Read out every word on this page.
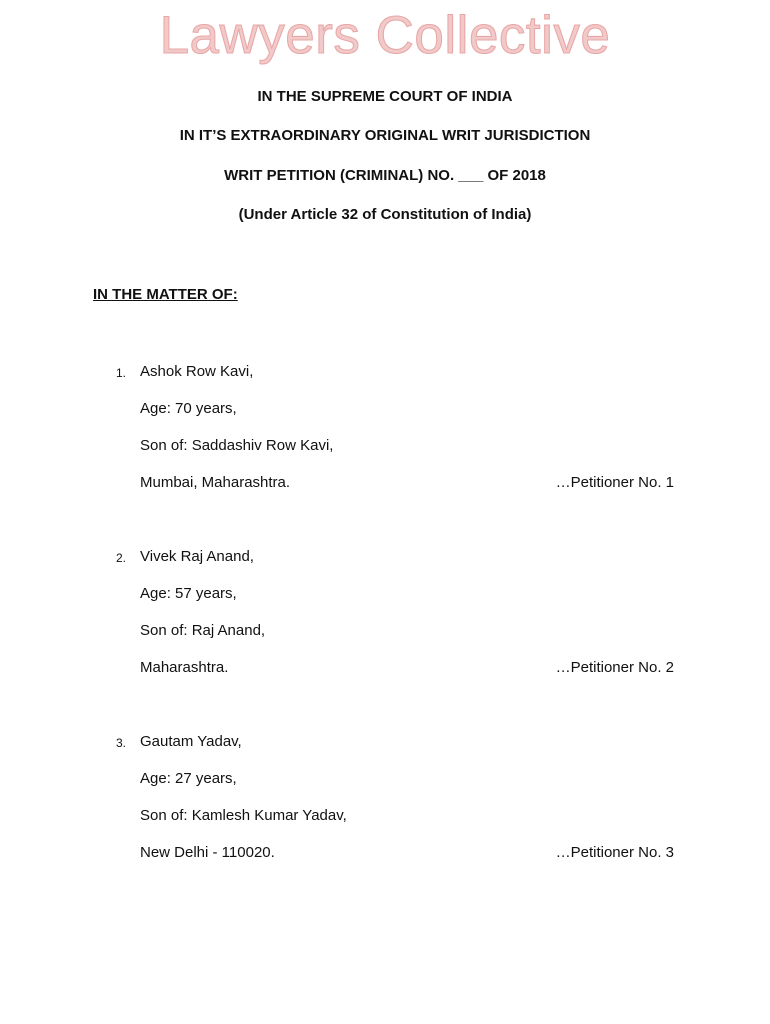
Lawyers Collective
IN THE SUPREME COURT OF INDIA
IN IT’S EXTRAORDINARY ORIGINAL WRIT JURISDICTION
WRIT PETITION (CRIMINAL) NO. ___ OF 2018
(Under Article 32 of Constitution of India)
IN THE MATTER OF:
1. Ashok Row Kavi,
Age: 70 years,
Son of: Saddashiv Row Kavi,
Mumbai, Maharashtra.	…Petitioner No. 1
2. Vivek Raj Anand,
Age: 57 years,
Son of: Raj Anand,
Maharashtra.	…Petitioner No. 2
3. Gautam Yadav,
Age: 27 years,
Son of: Kamlesh Kumar Yadav,
New Delhi - 110020.	…Petitioner No. 3
